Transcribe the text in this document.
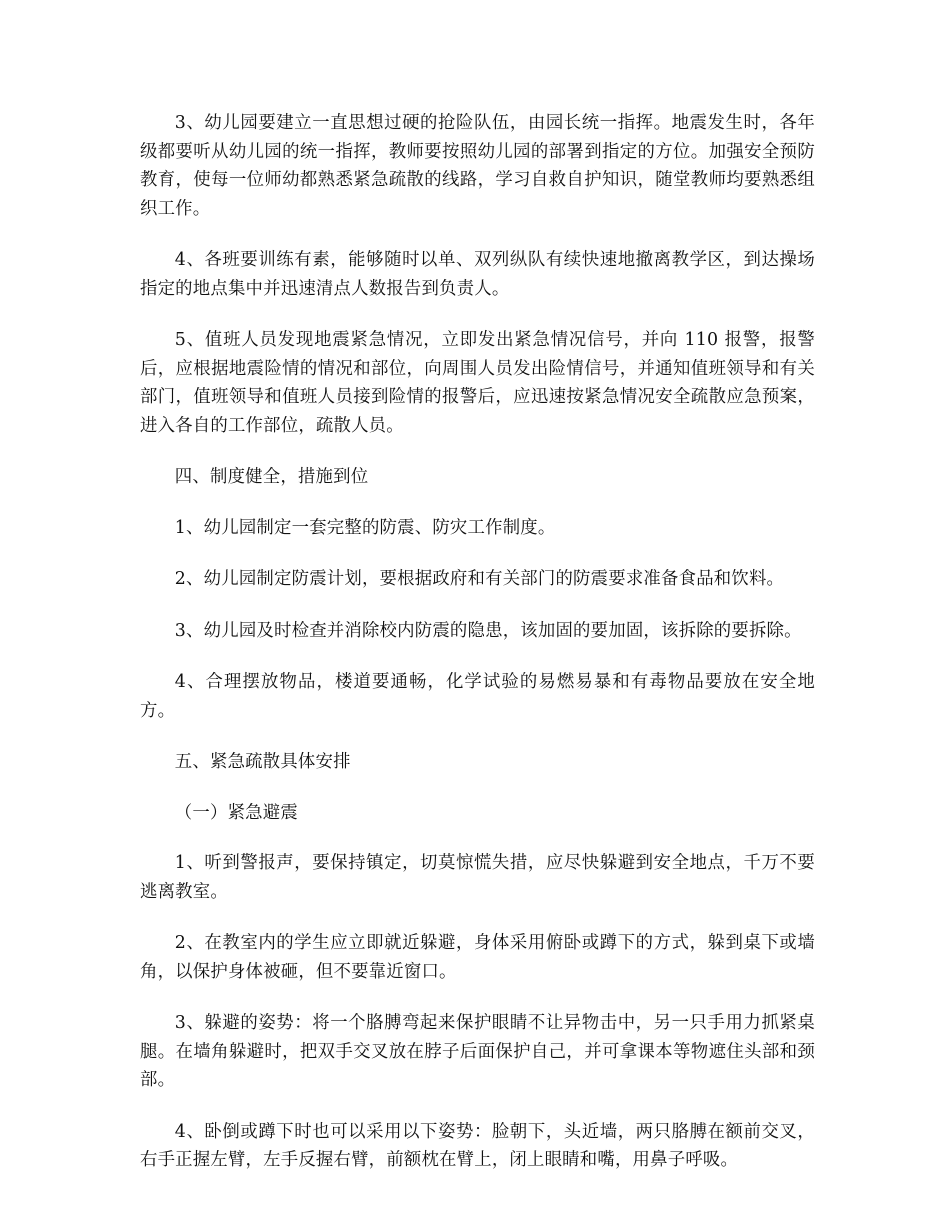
3、幼儿园要建立一直思想过硬的抢险队伍，由园长统一指挥。地震发生时，各年级都要听从幼儿园的统一指挥，教师要按照幼儿园的部署到指定的方位。加强安全预防教育，使每一位师幼都熟悉紧急疏散的线路，学习自救自护知识，随堂教师均要熟悉组织工作。

4、各班要训练有素，能够随时以单、双列纵队有续快速地撤离教学区，到达操场指定的地点集中并迅速清点人数报告到负责人。

5、值班人员发现地震紧急情况，立即发出紧急情况信号，并向 110 报警，报警后，应根据地震险情的情况和部位，向周围人员发出险情信号，并通知值班领导和有关部门，值班领导和值班人员接到险情的报警后，应迅速按紧急情况安全疏散应急预案，进入各自的工作部位，疏散人员。

四、制度健全，措施到位

1、幼儿园制定一套完整的防震、防灾工作制度。

2、幼儿园制定防震计划，要根据政府和有关部门的防震要求准备食品和饮料。

3、幼儿园及时检查并消除校内防震的隐患，该加固的要加固，该拆除的要拆除。

4、合理摆放物品，楼道要通畅，化学试验的易燃易暴和有毒物品要放在安全地方。

五、紧急疏散具体安排

（一）紧急避震

1、听到警报声，要保持镇定，切莫惊慌失措，应尽快躲避到安全地点，千万不要逃离教室。

2、在教室内的学生应立即就近躲避，身体采用俯卧或蹲下的方式，躲到桌下或墙角，以保护身体被砸，但不要靠近窗口。

3、躲避的姿势：将一个胳膊弯起来保护眼睛不让异物击中，另一只手用力抓紧桌腿。在墙角躲避时，把双手交叉放在脖子后面保护自己，并可拿课本等物遮住头部和颈部。

4、卧倒或蹲下时也可以采用以下姿势：脸朝下，头近墙，两只胳膊在额前交叉，右手正握左臂，左手反握右臂，前额枕在臂上，闭上眼睛和嘴，用鼻子呼吸。
